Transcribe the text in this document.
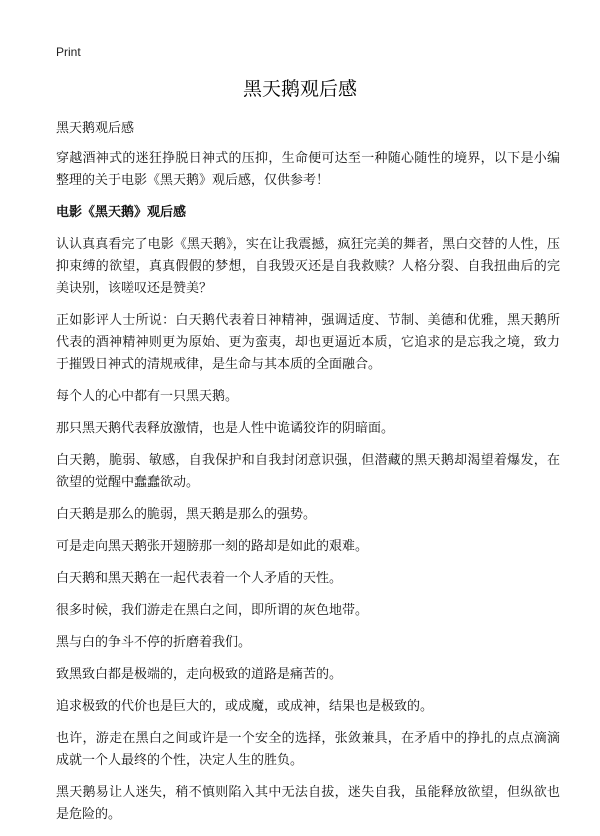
Print
黑天鹅观后感

黑天鹅观后感

穿越酒神式的迷狂挣脱日神式的压抑，生命便可达至一种随心随性的境界，以下是小编整理的关于电影《黑天鹅》观后感，仅供参考！

电影《黑天鹅》观后感

认认真真看完了电影《黑天鹅》，实在让我震撼，疯狂完美的舞者，黑白交替的人性，压抑束缚的欲望，真真假假的梦想，自我毁灭还是自我救赎？人格分裂、自我扭曲后的完美诀别，该嗟叹还是赞美？

正如影评人士所说：白天鹅代表着日神精神，强调适度、节制、美德和优雅，黑天鹅所代表的酒神精神则更为原始、更为蛮夷，却也更逼近本质，它追求的是忘我之境，致力于摧毁日神式的清规戒律，是生命与其本质的全面融合。

每个人的心中都有一只黑天鹅。

那只黑天鹅代表释放激情，也是人性中诡谲狡诈的阴暗面。

白天鹅，脆弱、敏感，自我保护和自我封闭意识强，但潜藏的黑天鹅却渴望着爆发，在欲望的觉醒中蠢蠢欲动。

白天鹅是那么的脆弱，黑天鹅是那么的强势。

可是走向黑天鹅张开翅膀那一刻的路却是如此的艰难。

白天鹅和黑天鹅在一起代表着一个人矛盾的天性。

很多时候，我们游走在黑白之间，即所谓的灰色地带。

黑与白的争斗不停的折磨着我们。

致黑致白都是极端的，走向极致的道路是痛苦的。

追求极致的代价也是巨大的，或成魔，或成神，结果也是极致的。

也许，游走在黑白之间或许是一个安全的选择，张敛兼具，在矛盾中的挣扎的点点滴滴成就一个人最终的个性，决定人生的胜负。

黑天鹅易让人迷失，稍不慎则陷入其中无法自拔，迷失自我，虽能释放欲望，但纵欲也是危险的。
